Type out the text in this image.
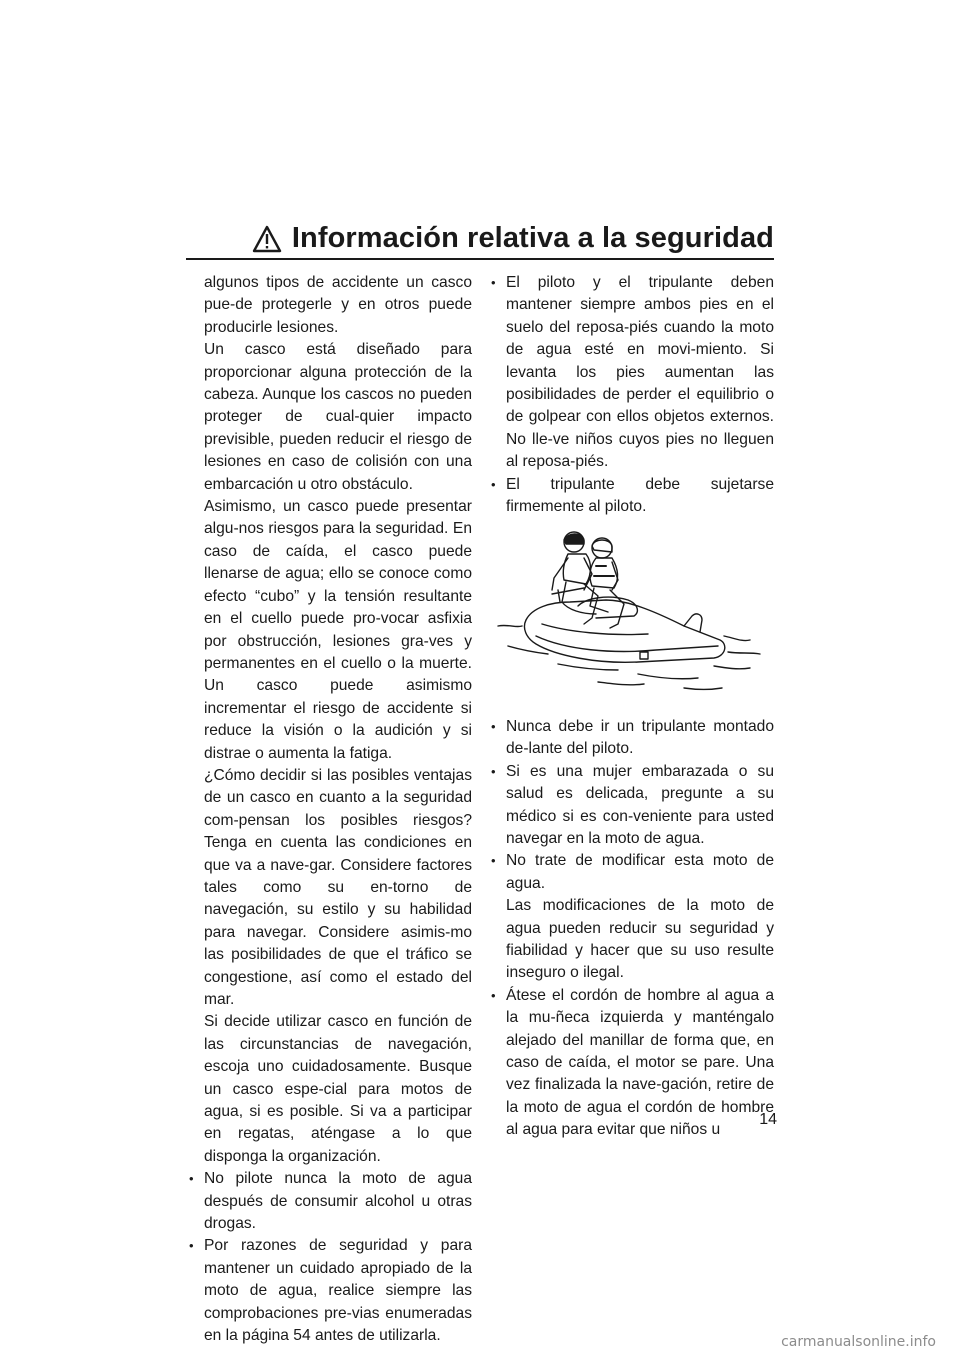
Información relativa a la seguridad

algunos tipos de accidente un casco pue-de protegerle y en otros puede producirle lesiones.

Un casco está diseñado para proporcionar alguna protección de la cabeza. Aunque los cascos no pueden proteger de cual-quier impacto previsible, pueden reducir el riesgo de lesiones en caso de colisión con una embarcación u otro obstáculo.

Asimismo, un casco puede presentar algu-nos riesgos para la seguridad. En caso de caída, el casco puede llenarse de agua; ello se conoce como efecto “cubo” y la tensión resultante en el cuello puede pro-vocar asfixia por obstrucción, lesiones gra-ves y permanentes en el cuello o la muerte. Un casco puede asimismo incrementar el riesgo de accidente si reduce la visión o la audición y si distrae o aumenta la fatiga.

¿Cómo decidir si las posibles ventajas de un casco en cuanto a la seguridad com-pensan los posibles riesgos? Tenga en cuenta las condiciones en que va a nave-gar. Considere factores tales como su en-torno de navegación, su estilo y su habilidad para navegar. Considere asimis-mo las posibilidades de que el tráfico se congestione, así como el estado del mar.

Si decide utilizar casco en función de las circunstancias de navegación, escoja uno cuidadosamente. Busque un casco espe-cial para motos de agua, si es posible. Si va a participar en regatas, aténgase a lo que disponga la organización.

• No pilote nunca la moto de agua después de consumir alcohol u otras drogas.

• Por razones de seguridad y para mantener un cuidado apropiado de la moto de agua, realice siempre las comprobaciones pre-vias enumeradas en la página 54 antes de utilizarla.

• El piloto y el tripulante deben mantener siempre ambos pies en el suelo del reposa-piés cuando la moto de agua esté en movi-miento. Si levanta los pies aumentan las posibilidades de perder el equilibrio o de golpear con ellos objetos externos. No lle-ve niños cuyos pies no lleguen al reposa-piés.

• El tripulante debe sujetarse firmemente al piloto.

• Nunca debe ir un tripulante montado de-lante del piloto.

• Si es una mujer embarazada o su salud es delicada, pregunte a su médico si es con-veniente para usted navegar en la moto de agua.

• No trate de modificar esta moto de agua.

Las modificaciones de la moto de agua pueden reducir su seguridad y fiabilidad y hacer que su uso resulte inseguro o ilegal.

• Átese el cordón de hombre al agua a la mu-ñeca izquierda y manténgalo alejado del manillar de forma que, en caso de caída, el motor se pare. Una vez finalizada la nave-gación, retire de la moto de agua el cordón de hombre al agua para evitar que niños u

14
carmanualsonline.info
